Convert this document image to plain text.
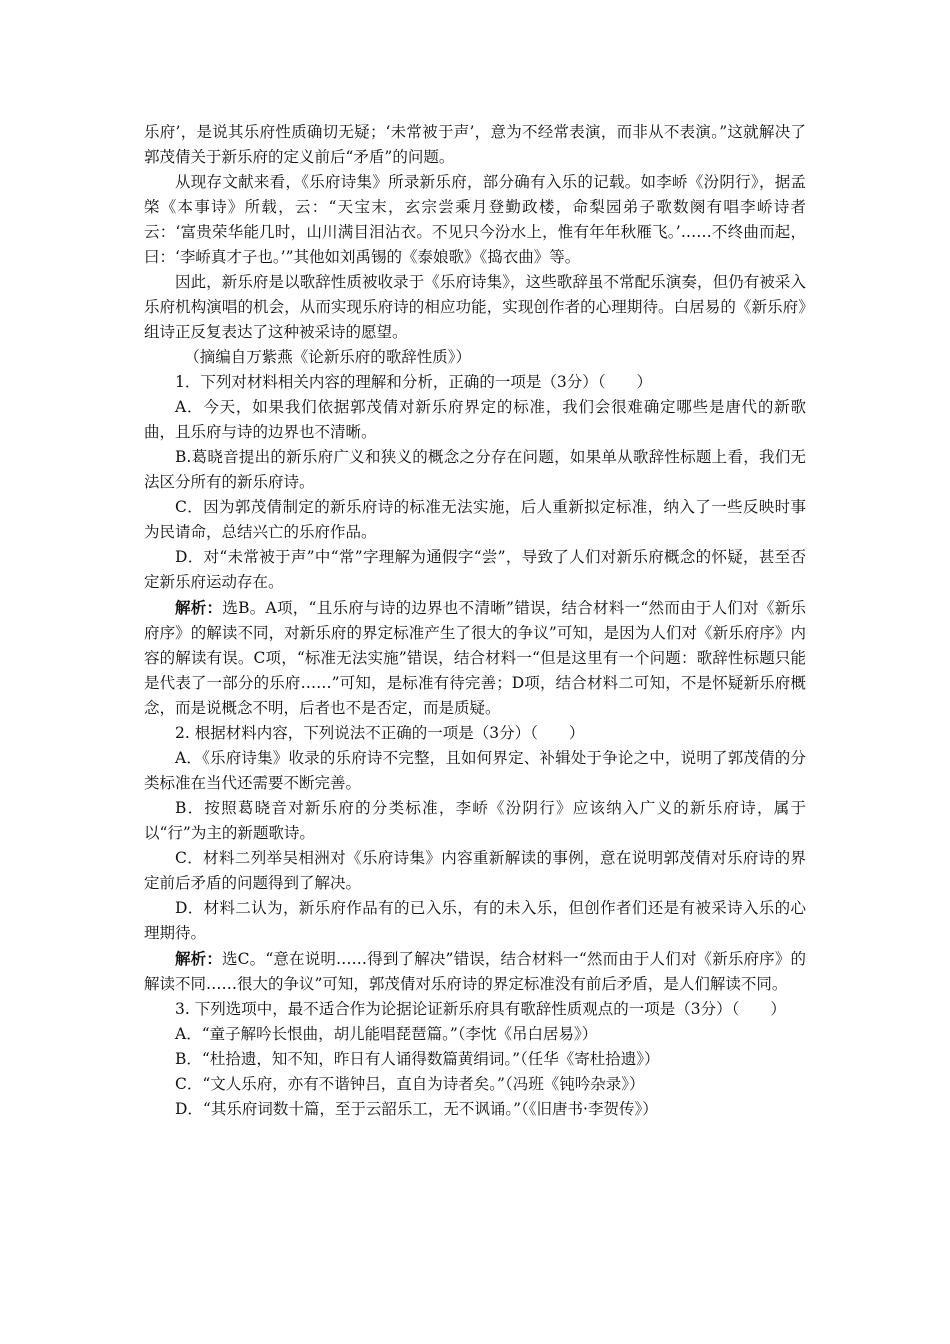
乐府’，是说其乐府性质确切无疑；‘未常被于声’，意为不经常表演，而非从不表演。”这就解决了郭茂倩关于新乐府的定义前后“矛盾”的问题。

从现存文献来看，《乐府诗集》所录新乐府，部分确有入乐的记载。如李峤《汾阴行》，据孟棨《本事诗》所载，云：“天宝末，玄宗尝乘月登勤政楼，命梨园弟子歌数阕有唱李峤诗者云：‘富贵荣华能几时，山川满目泪沾衣。不见只今汾水上，惟有年年秋雁飞。’……不终曲而起，曰：‘李峤真才子也。’”其他如刘禹锡的《泰娘歌》《捣衣曲》等。

因此，新乐府是以歌辞性质被收录于《乐府诗集》，这些歌辞虽不常配乐演奏，但仍有被采入乐府机构演唱的机会，从而实现乐府诗的相应功能，实现创作者的心理期待。白居易的《新乐府》组诗正反复表达了这种被采诗的愿望。

（摘编自万紫燕《论新乐府的歌辞性质》）

1．下列对材料相关内容的理解和分析，正确的一项是（3分）（　　）

A．今天，如果我们依据郭茂倩对新乐府界定的标准，我们会很难确定哪些是唐代的新歌曲，且乐府与诗的边界也不清晰。

B.葛晓音提出的新乐府广义和狭义的概念之分存在问题，如果单从歌辞性标题上看，我们无法区分所有的新乐府诗。

C．因为郭茂倩制定的新乐府诗的标准无法实施，后人重新拟定标准，纳入了一些反映时事为民请命，总结兴亡的乐府作品。

D．对“未常被于声”中“常”字理解为通假字“尝”，导致了人们对新乐府概念的怀疑，甚至否定新乐府运动存在。

解析：选B。A项，“且乐府与诗的边界也不清晰”错误，结合材料一“然而由于人们对《新乐府序》的解读不同，对新乐府的界定标准产生了很大的争议”可知，是因为人们对《新乐府序》内容的解读有误。C项，“标准无法实施”错误，结合材料一“但是这里有一个问题：歌辞性标题只能是代表了一部分的乐府……”可知，是标准有待完善；D项，结合材料二可知，不是怀疑新乐府概念，而是说概念不明，后者也不是否定，而是质疑。

2. 根据材料内容，下列说法不正确的一项是（3分）（　　）

A．《乐府诗集》收录的乐府诗不完整，且如何界定、补辑处于争论之中，说明了郭茂倩的分类标准在当代还需要不断完善。

B．按照葛晓音对新乐府的分类标准，李峤《汾阴行》应该纳入广义的新乐府诗，属于以“行”为主的新题歌诗。

C．材料二列举吴相洲对《乐府诗集》内容重新解读的事例，意在说明郭茂倩对乐府诗的界定前后矛盾的问题得到了解决。

D．材料二认为，新乐府作品有的已入乐，有的未入乐，但创作者们还是有被采诗入乐的心理期待。

解析：选C。“意在说明……得到了解决”错误，结合材料一“然而由于人们对《新乐府序》的解读不同……很大的争议”可知，郭茂倩对乐府诗的界定标准没有前后矛盾，是人们解读不同。

3. 下列选项中，最不适合作为论据论证新乐府具有歌辞性质观点的一项是（3分）（　　）

A．“童子解吟长恨曲，胡儿能唱琵琶篇。”（李忱《吊白居易》）

B．“杜拾遗，知不知，昨日有人诵得数篇黄绢词。”（任华《寄杜拾遗》）

C．“文人乐府，亦有不谐钟吕，直自为诗者矣。”（冯班《钝吟杂录》）

D．“其乐府词数十篇，至于云韶乐工，无不讽诵。”（《旧唐书·李贺传》）
